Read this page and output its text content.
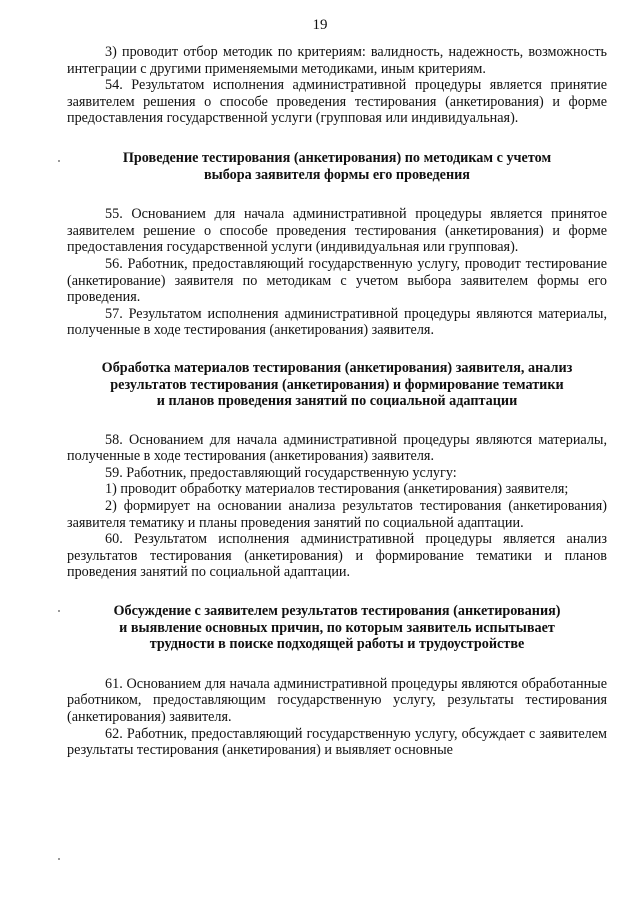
19

3) проводит отбор методик по критериям: валидность, надежность, возможность интеграции с другими применяемыми методиками, иным критериям.

54. Результатом исполнения административной процедуры является принятие заявителем решения о способе проведения тестирования (анкетирования) и форме предоставления государственной услуги (групповая или индивидуальная).

Проведение тестирования (анкетирования) по методикам с учетом
выбора заявителя формы его проведения

55. Основанием для начала административной процедуры является принятое заявителем решение о способе проведения тестирования (анкетирования) и форме предоставления государственной услуги (индивидуальная или групповая).

56. Работник, предоставляющий государственную услугу, проводит тестирование (анкетирование) заявителя по методикам с учетом выбора заявителем формы его проведения.

57. Результатом исполнения административной процедуры являются материалы, полученные в ходе тестирования (анкетирования) заявителя.

Обработка материалов тестирования (анкетирования) заявителя, анализ
результатов тестирования (анкетирования) и формирование тематики
и планов проведения занятий по социальной адаптации

58. Основанием для начала административной процедуры являются материалы, полученные в ходе тестирования (анкетирования) заявителя.

59. Работник, предоставляющий государственную услугу:

1) проводит обработку материалов тестирования (анкетирования) заявителя;

2) формирует на основании анализа результатов тестирования (анкетирования) заявителя тематику и планы проведения занятий по социальной адаптации.

60. Результатом исполнения административной процедуры является анализ результатов тестирования (анкетирования) и формирование тематики и планов проведения занятий по социальной адаптации.

Обсуждение с заявителем результатов тестирования (анкетирования)
и выявление основных причин, по которым заявитель испытывает
трудности в поиске подходящей работы и трудоустройстве

61. Основанием для начала административной процедуры являются обработанные работником, предоставляющим государственную услугу, результаты тестирования (анкетирования) заявителя.

62. Работник, предоставляющий государственную услугу, обсуждает с заявителем результаты тестирования (анкетирования) и выявляет основные
